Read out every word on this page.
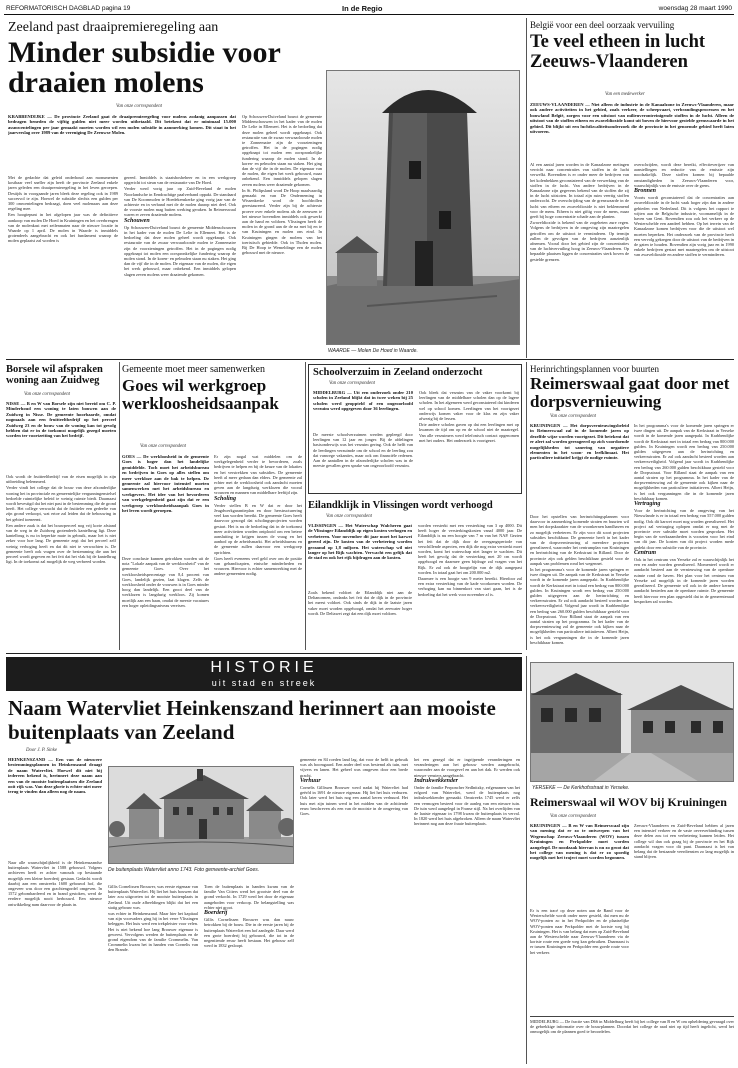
REFORMATORISCH DAGBLAD pagina 19	In de Regio	woensdag 28 maart 1990
Zeeland past draaipremieregeling aan
Minder subsidie voor draaien molens
Van onze correspondent
KRABBENDIJKE — De provincie Zeeland gaat de draaipremieregeling voor molens zodanig aanpassen dat bedragen beneden de vijftig gulden niet meer worden uitbetaald. Dit betekent dat er minimaal 15.000 assmwentelingen per jaar gemaakt moeten worden wil een molen subsidie in aanmerking komen. Dit staat in het jaarverslag over 1989 van de vereniging De Zeeuwse Molen.

Met de gedachte dat geleid onderhoud aan monumenten kostbaar veel sneller zijn heeft de provincie Zeeland enkele jaren geleden een draaipremieregeling in het leven geroepen. Destijds in voorgaande jaren bleek deze regeling ook in 1989 succesvol te zijn. Hoewel de subsidie slechts een gulden per 300 omwentelingen bedraagt, doen veel molenaars aan deze regeling mee.

Een hoogtepunt in het afgelopen jaar was de definitieve aankoop van molen De Hoed in Kruiningen en het overbrengen van de molenkast met zeilenmaten naar de nieuwe locatie in Waarde op 1 april. De molen in Waarde is inmiddels grotendeels aangebracht en ook het fundament waarop de molen geplaatst zal worden is

gereed. Inmiddels is staatsbosbeheer en in een werkgroep opgericht tot steun van de restauratie van De Hoed.

Verder werd vorig jaar op Zuid-Beveland de molen Noorlandsche in Eendrachtige paalverband oppakt. De standaard van De Koornmolen te Hoedekenskerke ging vorig jaar van de achterste en in verband met de de molen daarop niet deel. Ook de voorste molen mag buiten werking geraken. In Reimerswaal waren er zeven draaiende molens.

Schouwen

Op Schouwen-Duiveland bouwt de gemeente Middenschouwen in het kader van de molen De Lelie in Ellemeet. Het is de bedoeling dat deze molen geheel wordt opgeknapt. Ook restauratie van de zwaar verwaarloosde molen te Zonnemaire zijn de voorzieningen getroffen. Het in de pogingen nodig opgeknapt tot molen een oorspronkelijke fundering waarop de molen stond. In de koren- en pelmolen staan nu staken. Het ging dan de vijf die in de molen. De eigenaar van de molen, die eigen het werk gebouwd, maar onbekend. Een inmiddels gelopen slagen zeven molens weer draaiende gekomen.

Op Schouwen-Duiveland bouwt de gemeente Middenschouwen in het kader van de molen De Lelie in Ellemeet. Het is de bedoeling dat deze molen geheel wordt opgeknapt. Ook restauratie van de zwaar verwaarloosde molen te Zonnemaire zijn de voorzieningen getroffen. Het in de pogingen nodig opgeknapt tot molen een oorspronkelijke fundering waarop de molen stond. In de koren- en pelmolen staan nu staken. Het ging dan de vijf die in de molen. De eigenaar van de molen, die eigen het werk gebouwd, maar onbekend. Een inmiddels gelopen slagen zeven molens weer draaiende gekomen.

In St. Philipsland word De Hoop maalvaardig gemaakt en van De Onderneming in Wissenkerke word de hoofdrollen gerestaureerd. Verder zijn bij de achterste proeve over enkele molens als de zeeuwen te het nieuwe bovendien inmiddels ook gewerkt aan de hand en voldoen. Vlissingen heeft de molen in de grond aan de de na met bij en te van Kruiningen en molen ons eind. In Kruiningen gingen de molens van het toeristisch gebiedde. Ook in Tholen molen. Bij De Hoop te Wemeldinge een de molen gebouwd met de nieuwe.

WAARDE — Molen De Hoed in Waarde.
België voor een deel oorzaak vervuiling
Te veel etheen in lucht Zeeuws-Vlaanderen
Van een medewerker
ZEEUWS-VLAANDEREN — Niet alleen de industrie in de Kanaalzone in Zeeuws-Vlaanderen, maar ook andere activiteiten in het gebied, zoals verkeer, de scheepvaart, verbrandingsprocessen en het bouwland België, zorgen voor een uitstoot van milieuverontreinigende stoffen in de lucht. Alleen de uitstoot van de stoffen etheen en zwaveldioxide komt uit boven de hiervoor gestelde grenswaarde in het gebied. Dit blijkt uit een luchtkwaliteitsonderzoek die de provincie in het genoemde gebied heeft laten uitvoeren.

Al een aantal jaren worden in de Kanaalzone metingen verricht naar concentraties van stoffen in de lucht verwelkt. Bovendien is er onder meer de bedrijven van het kolenbekken geconstateerd van de verwerking van de stoffen in de lucht. Van andere bedrijven in de Kanaalzone zijn gegevens bekend van de stoffen die zij in de lucht uitstoten. In totaal zijn ruim veertig stoffen onderzocht. De overschrijding van de grenswaarde in de lucht van etheen en zwaveldioxide is niet beklemmend voor de mens. Etheen is niet giftig voor de mens, maar geeft bij hoge concentratie schade aan de planten.

Zwaveldioxide is bekend van de zogeheten zure regen. Volgens de bedrijven in de omgeving zijn maatregelen getroffen om de uitstoot te verminderen. Op termijn zullen de gevolgen van de bedrijven aanzienlijk afnemen. Vooral door het gebied zijn de concentraties van de luchtvervuiling hoog in Zeeuws-Vlaanderen. Op bepaalde plaatsen liggen de concentraties sterk boven de gestelde grenzen.

overschrijden, wordt deze bereikt, effectieverijzer van aanstellingen en reductie van de emissie zijn noodzakelijk. Deze stoffen komen bij bepaalde omstandigheden in Zeeuws-Vlaanderen voor, waarschijnlijk van de emissie over de grens.

Bronnen

Voorts wordt geconstateerd dat de concentraties aan zwaveldioxide in de lucht vaak hoger zijn dan in andere gebieden van Nederland. Dit is volgens het rapport te wijten aan de Belgische industrie, voornamelijk in de haven van Gent. Bovendien zou ook het verkeer op de Westerschelde een aandeel hebben. Op het terrein van de Kanaalzone komen bedrijven voor die de uitstoot wel moeten beperken. Het onderzoek van de provincie heeft een vervolg gekregen door de uitstoot van de bedrijven in de gaten te houden. Bovendien zijn vorig jaar en in 1990 enkele bedrijven gestart met maatregelen om de uitstoot van zwaveldioxide en andere stoffen te verminderen.

Borsele wil afspraken woning aan Zuidweg
Van onze correspondent
NISSE — B en W van Borsele zijn niet bereid om C. P. Minderhoud een woning te laten bouwen aan de Zuidweg in Nisse. De gemeente hoorbaarde, omdat nogmaals aan een fruitteeltbedrijf op het perceel Zuidweg 23 en de bouw van de woning kan tot gevolg hebben dat er in de toekomst mogelijk gezegd moeten worden ter voortzetting van het bedrijf.

Ook wordt de fruitteeltbedrijf van de eisen mogelijk in zijn uitbreiding belemmerd.

Verder vindt het college dat de bouw van deze afzonderlijke woning het in provinciale en gemeentelijke vergunningenstelsel bedoelde ruimtelijke beleid te weinig ruimte biedt. Daarnaast wordt bevestigd dat het niet past in de bestemming die de grond heeft. Het college verwacht dat de fruitteler een gedeelte van zijn grond verkoopt, wat ertoe zal leiden dat de bebouwing in het gebied toeneemt.

Een andere zaak is dat het bouwperceel nog vrij korte afstand van de weg in de Zuidweg grotendeels kantelbrug ligt. Deze kantelbrug is nu in beperkte mate in gebruik, maar het is niet zeker voor hoe lang. De gemeente zegt dat het perceel zelf weinig verhoging heeft en dat dit niet te verwachten is. De gemeente heeft ook vragen over de bestemming die aan het perceel wordt gegeven en het feit dat het vlak bij de kantelbrug ligt. In de toekomst zal mogelijk de weg verbreed worden.

Gemeente moet meer samenwerken
Goes wil werkgroep werkloosheidsaanpak
Van onze correspondent
GOES — De werkloosheid in de gemeente Goes is hoger dan het landelijke gemiddelde. Toch moet het arbeidsbureau en bedrijven in Goes op alles stellen om meer werkloze aan de bak te helpen. De gemeente zal hiervoor intensief moeten samenwerken met het arbeidsbureau en werkgevers. Het idee van het bevorderen van werkgelegenheid gaat zijn dat er een werkgroep werkloosheidsaanpak Goes in het leven wordt geroepen.

Deze conclusie kunnen getrokken worden uit de nota "Lokale aanpak van de werkloosheid" van de gemeente Goes. Over het werkloosheidspercentage van 8,4 procent van Goes, landelijk gezien, laat klagen. Zelfs de werkloosheid onder de vrouwen is in Goes minder hoog dan landelijk. Een groot deel van de werklozen is langdurig werkloos. Zij komen moeilijk aan een baan, omdat de meeste vacatures een hoger opleidingsniveau vereisen.

Er zijn nogal wat middelen om de werkgelegenheid verder te bevorderen, zoals bedrijven te helpen en bij de keuze van de lokaties en het verstrekken van subsidies. De gemeente heeft al meer gedaan dan elders. De gemeente zal echter met de werkloosheid ook aandacht moeten geven aan de langdurig werklozen die vooral vrouwen en mannen van middelbare leeftijd zijn.

Scholing

Verder stellen B en W dat er door het Jeugdwerkgarantieplan en door herstructurering veel kan worden bereikt. De gemeente Goes heeft daarvoor gezorgd dat scholingsprojecten worden gestart. Het is nu de bedoeling dat in de toekomst meer activiteiten worden ontplooid om een betere aansluiting te krijgen tussen de vraag en het aanbod op de arbeidsmarkt. Het arbeidsbureau en de gemeente zullen daarvoor een werkgroep oprichten.

Goes heeft eveneens veel geld over om de positie van gehandicapten, etnische minderheden en vrouwen. Hiervoor is echter samenwerking met de andere gemeenten nodig.

Schoolverzuim in Zeeland onderzocht
Van onze correspondent
MIDDELBURG — Uit een onderzoek onder 210 scholen in Zeeland blijkt dat in twee weken bij 25 scholen werd geoppteld of een ongeoorloofd verzuim werd opgegeven door 36 leerlingen.

De meeste schoolverzuimen werden gepleegd door leerlingen van 12 jaar en jonger. Bij de afdelingen basisonderwijs was het verzuim gering. Ook de helft van de leerlingen verzuimde om de school en de leerling zou dat vanwege vakanties, maar ook om financiële redenen. Aan de aantallen in de afzonderlijke scholen was in de meeste gevallen geen sprake van ongeoorloofd verzuim.

Ook bleek dat verzuim van de vaker voorkomt bij leerlingen van de middelbare scholen dan op de lagere scholen. In het algemeen werd geconstateerd dat kinderen wel op school komen. Leerlingen van het voortgezet onderwijs komen vaker voor de klas en zijn vaker afwezig bij de lessen.

Drie andere scholen gaven op dat een leerlingen met op kwamen de tijd om op en de school niet de maatregel. Van alle verzuimers werd telefonisch contact opgenomen met het ouders. Het onderzoek is voortgezet.

Eilandklijk in Vlissingen wordt verhoogd
Van onze correspondent
VLISSINGEN — Het Waterschap Walcheren gaat de Vlissinger Eilanddijk op eigen kosten verhogen en verbeteren. Voor november dit jaar moet het karwei gereed zijn. De kosten van de verbetering worden geraamd op 1,8 miljoen. Het waterschap wil niet langer op het Rijk wachten. Verwacht een gelijk dat de stad en ook het rijk bijdragen aan de kosten.

Zoals bekend voldoet de Eilanddijk niet aan de Deltanormen, ondanks het feit dat de dijk in de provincie het meest voldoet. Ook sinds de dijk in de laatste jaren vaker moet worden opgehoogd, omdat het zeewater hoger wordt. De Deltawet zegt dat een dijk moet voldoen.

worden versterkt met een versterking van 3 op 4000. Dit heeft hoger de versterkingskosten vanaf 4000 jaar. De Eilanddijk is nu een hoogte van 7 m van het NAP. Gezien het feit dat de dijk door de overgangsperiode van verschillende aspecten, een dijk die nog extra versterkt moet worden, komt het waterschap niet langer te wachten. Dit heeft het gevolg dat de versterking met 20 cm wordt opgehoogd en daarmee geen bijdrage zal vragen van het Rijk. Er zal ook de hoogtelijn van de dijk aangepast worden. In totaal gaat het om 200.000 m2.

Daarmee is een hoogte van 9 meter bereikt. Hierdoor zal een extra versterking van de kade voorkomen worden. De verhoging kan nu binnenkort van start gaan, het is de bedoeling dat het werk voor november af is.

Herinrichtingsplannen voor buurten
Reimerswaal gaat door met dorpsvernieuwing
Van onze correspondent
KRUININGEN — Het dorpsvernieuwingsbeleid in Reimerswaal zal in de komende jaren op dezelfde wijze worden voortgezet. Dit betekent dat er alert zal worden gereageerd op zich voordoende mogelijkheden tot sanering van negatieve elementen in het woon- en leefklimaat. Het particuliere initiatief krijgt de nodige ruimte.

Door het opstellen van herinrichtingsplannen voor daarvoor in aanmerking komende straten en buurten wil men het dorpskarakter van de woonkernen handhaven en zo mogelijk verbeteren. Er zijn voor dit soort projecten subsidies beschikbaar. De gemeente heeft in het kader van de dorpsvernieuwing al meerdere projecten gerealiseerd, waaronder het centrumplan van Kruiningen en herinrichting van de Kerkstraat in Rilland. Door de provincie zijn ook gelden beschikbaar gesteld voor de aanpak van problemen rond het wegennet.

In het programma's voor de komende jaren springen er twee dingen uit. De aanpak van de Kerkstraat in Yerseke wordt in de komende jaren aangepakt. In Krabbendijke wordt de Kerkstraat met in totaal een bedrag van 800.000 gulden. In Kruiningen wordt een bedrag van 250.000 gulden uitgegeven aan de herinrichting en verkeersstraten. Er zal ook aandacht besteed worden aan verkeersveiligheid. Volgend jaar wordt in Krabbendijke een bedrag van 260.000 gulden beschikbaar gesteld voor de Dorpsstraat. Voor Rilland staat de aanpak van een aantal straten op het programma. In het kader van de dorpsvernieuwing zal de gemeente ook kijken naar de mogelijkheden van particuliere initiatieven. Albert Heijn, is het ook vergunningen die in de komende jaren beschikbaar komen.

In het programma's voor de komende jaren springen er twee dingen uit. De aanpak van de Kerkstraat in Yerseke wordt in de komende jaren aangepakt. In Krabbendijke wordt de Kerkstraat met in totaal een bedrag van 800.000 gulden. In Kruiningen wordt een bedrag van 250.000 gulden uitgegeven aan de herinrichting en verkeersstraten. Er zal ook aandacht besteed worden aan verkeersveiligheid. Volgend jaar wordt in Krabbendijke een bedrag van 260.000 gulden beschikbaar gesteld voor de Dorpsstraat. Voor Rilland staat de aanpak van een aantal straten op het programma. In het kader van de dorpsvernieuwing zal de gemeente ook kijken naar de mogelijkheden van particuliere initiatieven. Albert Heijn, is het ook vergunningen die in de komende jaren beschikbaar komen.

Vertraging

Voor de herinrichting van de omgeving van het Nieuwlande is er in totaal een bedrag van 557.000 gulden nodig. Ook dit karwei moet nog worden gerealiseerd. Het project zal vertraging oplopen omdat er nog met de provincie over subsidie moet worden gesproken. Het begin van de werkzaamheden is voorzien voor het eind van dit jaar. De kosten van dit project worden mede gedekt door een subsidie van de provincie.

Centrum

Ook in het centrum van Yerseke zal er waarschijnlijk het een en ander worden gerealiseerd. Momenteel wordt er aandacht besteed aan de vernieuwing van de openbare ruimte rond de haven. Het plan voor het centrum van Yerseke zal mogelijk in de komende jaren worden gerealiseerd. De gemeente wil ook in de andere kernen aandacht besteden aan de openbare ruimte. De gemeente heeft hiervoor een plan opgesteld dat in de gemeenteraad besproken zal worden.

HISTORIE
uit stad en streek
Naam Watervliet Heinkenszand herinnert aan mooiste buitenplaats van Zeeland
Door J. P. Sinke
HEINKENSZAND — Een van de nieuwere bestemmingsplannen in Heinkenszand draagt de naam Watervliet. Hoewel dit niet bij iedereen bekend is, herinnert deze naam aan een van de mooiste buitenplaatsen die Zeeland ooit rijk was. Van deze glorie is echter niet meer terug te vinden dan alleen nog de naam.

Naar alle waarschijnlijkheid is de Heinkenszandse buitenplaats Watervliet in 1588 gebouwd. Volgens archieven heeft er achter vanouds op bestaande mogelijk een kleine boerderij gestaan. Gedacht wordt daarbij aan een omstreeks 1600 gebouwd hof, die ongeveer was door een grachtengordel omgeven. In 1572 gebombardeerd en in brand gestoken, werd de eerdere mogelijk nooit herbouwd. Een nieuwe ontwikkeling nam daarvoor de plaats in.

De buitenplaats Watervliet anno 1743. Foto gemeente-archief Goes.

Gillis Cornelissen Brouwer, was eerste eigenaar van buitenplaats Watervliet. Hij liet het huis bouwen dat later zou uitgroeien tot de mooiste buitenplaats in Zeeland. Uit oude afbeeldingen blijkt dat het een statig gebouw was.

was echter in Heinkenszand. Maar hier het kapitaal van zijn voorvaders ging hij in het verre Vlissingen beleggen. Het huis werd een trekpleister voor velen. Het is niet bekend hoe lang Brouwer eigenaar is geweest. Vervolgens werden de buitenplaats en de grond eigendom van de familie Crommelin. Van Crommelin kwam het in handen van Cornelis van den Brande.

Toen de buitenplaats in handen kwam van de familie Van Citters werd het grootste deel van de grond verkocht. In 1729 werd het door de eigenaar aangeboden voor verkoop. De belangstelling was echter niet groot.

Boerderij

Gillis Cornelissen Brouwer was dan nauw betrokken bij de bouw. Die in de eerste jaren bij de buitenplaats Watervliet een hof aanlegde. Daar werd een grote boerderij bij gebouwd, die tot in de negentiende eeuw heeft bestaan. Het gebouw zelf werd in 1832 gesloopt.

gemeente en 84 roeden land lag, dat voor de helft in gebruik was als boomgaard. Een ander deel was bestemd als tuin, met vijvers en lanen. Het geheel was omgeven door een brede gracht.

Verhuur

Cornelis Gillissen Brouwer werd nadat hij Watervliet had geërfd in 1691 de nieuwe eigenaar. Hij liet het huis verhuren. Ook later werd het huis nog een aantal keren verhuurd. Het huis met zijn tuinen werd in het midden van de achttiende eeuw beschreven als een van de mooiste in de omgeving van Goes.

het een gezegd dat er ingrijpende veranderingen en veranderingen aan het gebouw werden aangebracht, waaronder aan de voorgevel en aan het dak. Er werden ook nieuwe vensters aangebracht.

Indrukwekkender

Onder de familie Perponcher Sedlnitzky, erfgenamen van het erfgoed van Watervliet, werd de buitenplaats nog indrukwekkender gemaakt. Omstreeks 1745 werd er zelfs een vermogen besteed voor de aanleg van een nieuwe tuin. De tuin werd aangelegd in Franse stijl. Na het overlijden van de laatste eigenaar in 1798 kwam de buitenplaats in verval. In 1820 werd het huis afgebroken. Alleen de naam Watervliet herinnert nog aan deze fraaie buitenplaats.

YERSEKE — De Kerkhofsstraat in Yerseke.
Reimerswaal wil WOV bij Kruiningen
Van onze correspondent
KRUININGEN — B en W van Reimerswaal zijn van mening dat er zo te ontwerpen van het Wegenschap Zeeuws-Vlaanderen (WOV) tussen Kruiningen en Perkpolder moet worden aangelegd. De noodzaak hiervan is nu zo groot dat het college van mening is dat er zo spoedig mogelijk met het traject moet worden begonnen.

Er is een tracé op deze noten aan de Rand voor de Westerschelde wordt onder meer gesteld, dat men nu de WOV-ponten zo in het Perkpolder en de plaatselijke WOV-ponten naar Perkpolder met de kortste weg bij Kruiningen. Het is van belang dat men op Zuid-Beveland aan de Westerschelde naar Zeeuws-Vlaanderen via de kortste route een goede weg kan gebruiken. Daarnaast is er tussen Kruiningen en Perkpolder een goede route voor het verkeer.

Zeeuws-Vlaanderen en Zuid-Beveland hebben al jaren een intensief verkeer en de vaste oeververbinding tussen deze delen zou tot een verbetering kunnen leiden. Het college wil dan ook graag bij de provincie en het Rijk aandacht vragen voor dit punt. Daarnaast is het van belang dat de bestaande veerdiensten zo lang mogelijk in stand blijven.

MIDDELBURG — De fractie van D66 in Middelburg heeft bij het college van B en W om opheldering gevraagd over de gebrekkige informatie over de bouwplannen. Doordat het college de raad niet op tijd heeft ingelicht, werd het onmogelijk om de plannen goed te beoordelen.
